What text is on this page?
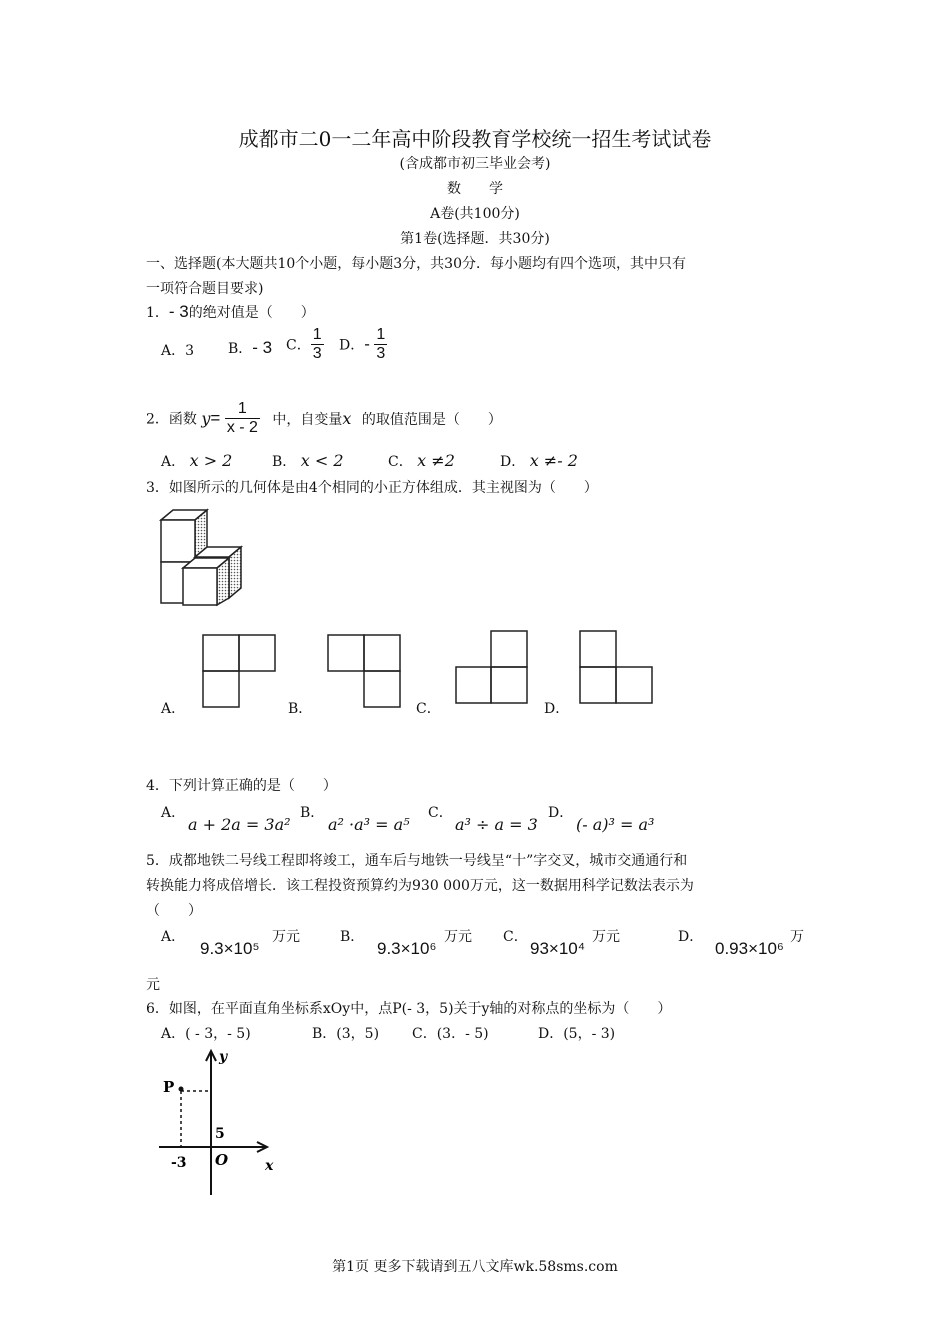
成都市二0一二年高中阶段教育学校统一招生考试试卷
(含成都市初三毕业会考)
数　　学
A卷(共100分)
第1卷(选择题．共30分)
一、选择题(本大题共10个小题，每小题3分，共30分．每小题均有四个选项，其中只有
一项符合题目要求)
1．- 3的绝对值是（　　）
A．3 B．- 3 C． $\frac{1}{3}$ D．- $\frac{1}{3}$
2．函数 $y= \frac{1}{x - 2}$ 中，自变量x 的取值范围是（　　）
A． x > 2	B． x < 2	C． x ≠2	D． x ≠- 2
3．如图所示的几何体是由4个相同的小正方体组成．其主视图为（　　）
A．	B．	C．	D．
4．下列计算正确的是（　　）
A．
a + 2a = 3a²
B．
a² ·a³ = a⁵
C．
a³ ÷ a = 3
D．
(- a)³ = a³
5．成都地铁二号线工程即将竣工，通车后与地铁一号线呈“十”字交叉，城市交通通行和
转换能力将成倍增长．该工程投资预算约为930 000万元，这一数据用科学记数法表示为
（　　）
A．
9.3×10⁵
万元	B．
9.3×10⁶
万元 C．
93×10⁴
万元	D．
0.93×10⁶
万
元
6．如图，在平面直角坐标系xOy中，点P(- 3，5)关于y轴的对称点的坐标为（　　）
A．( - 3，- 5)	B．(3，5) C．(3．- 5)	D．(5，- 3)
P
y
x
O
5
-3
第1页 更多下载请到五八文库wk.58sms.com
